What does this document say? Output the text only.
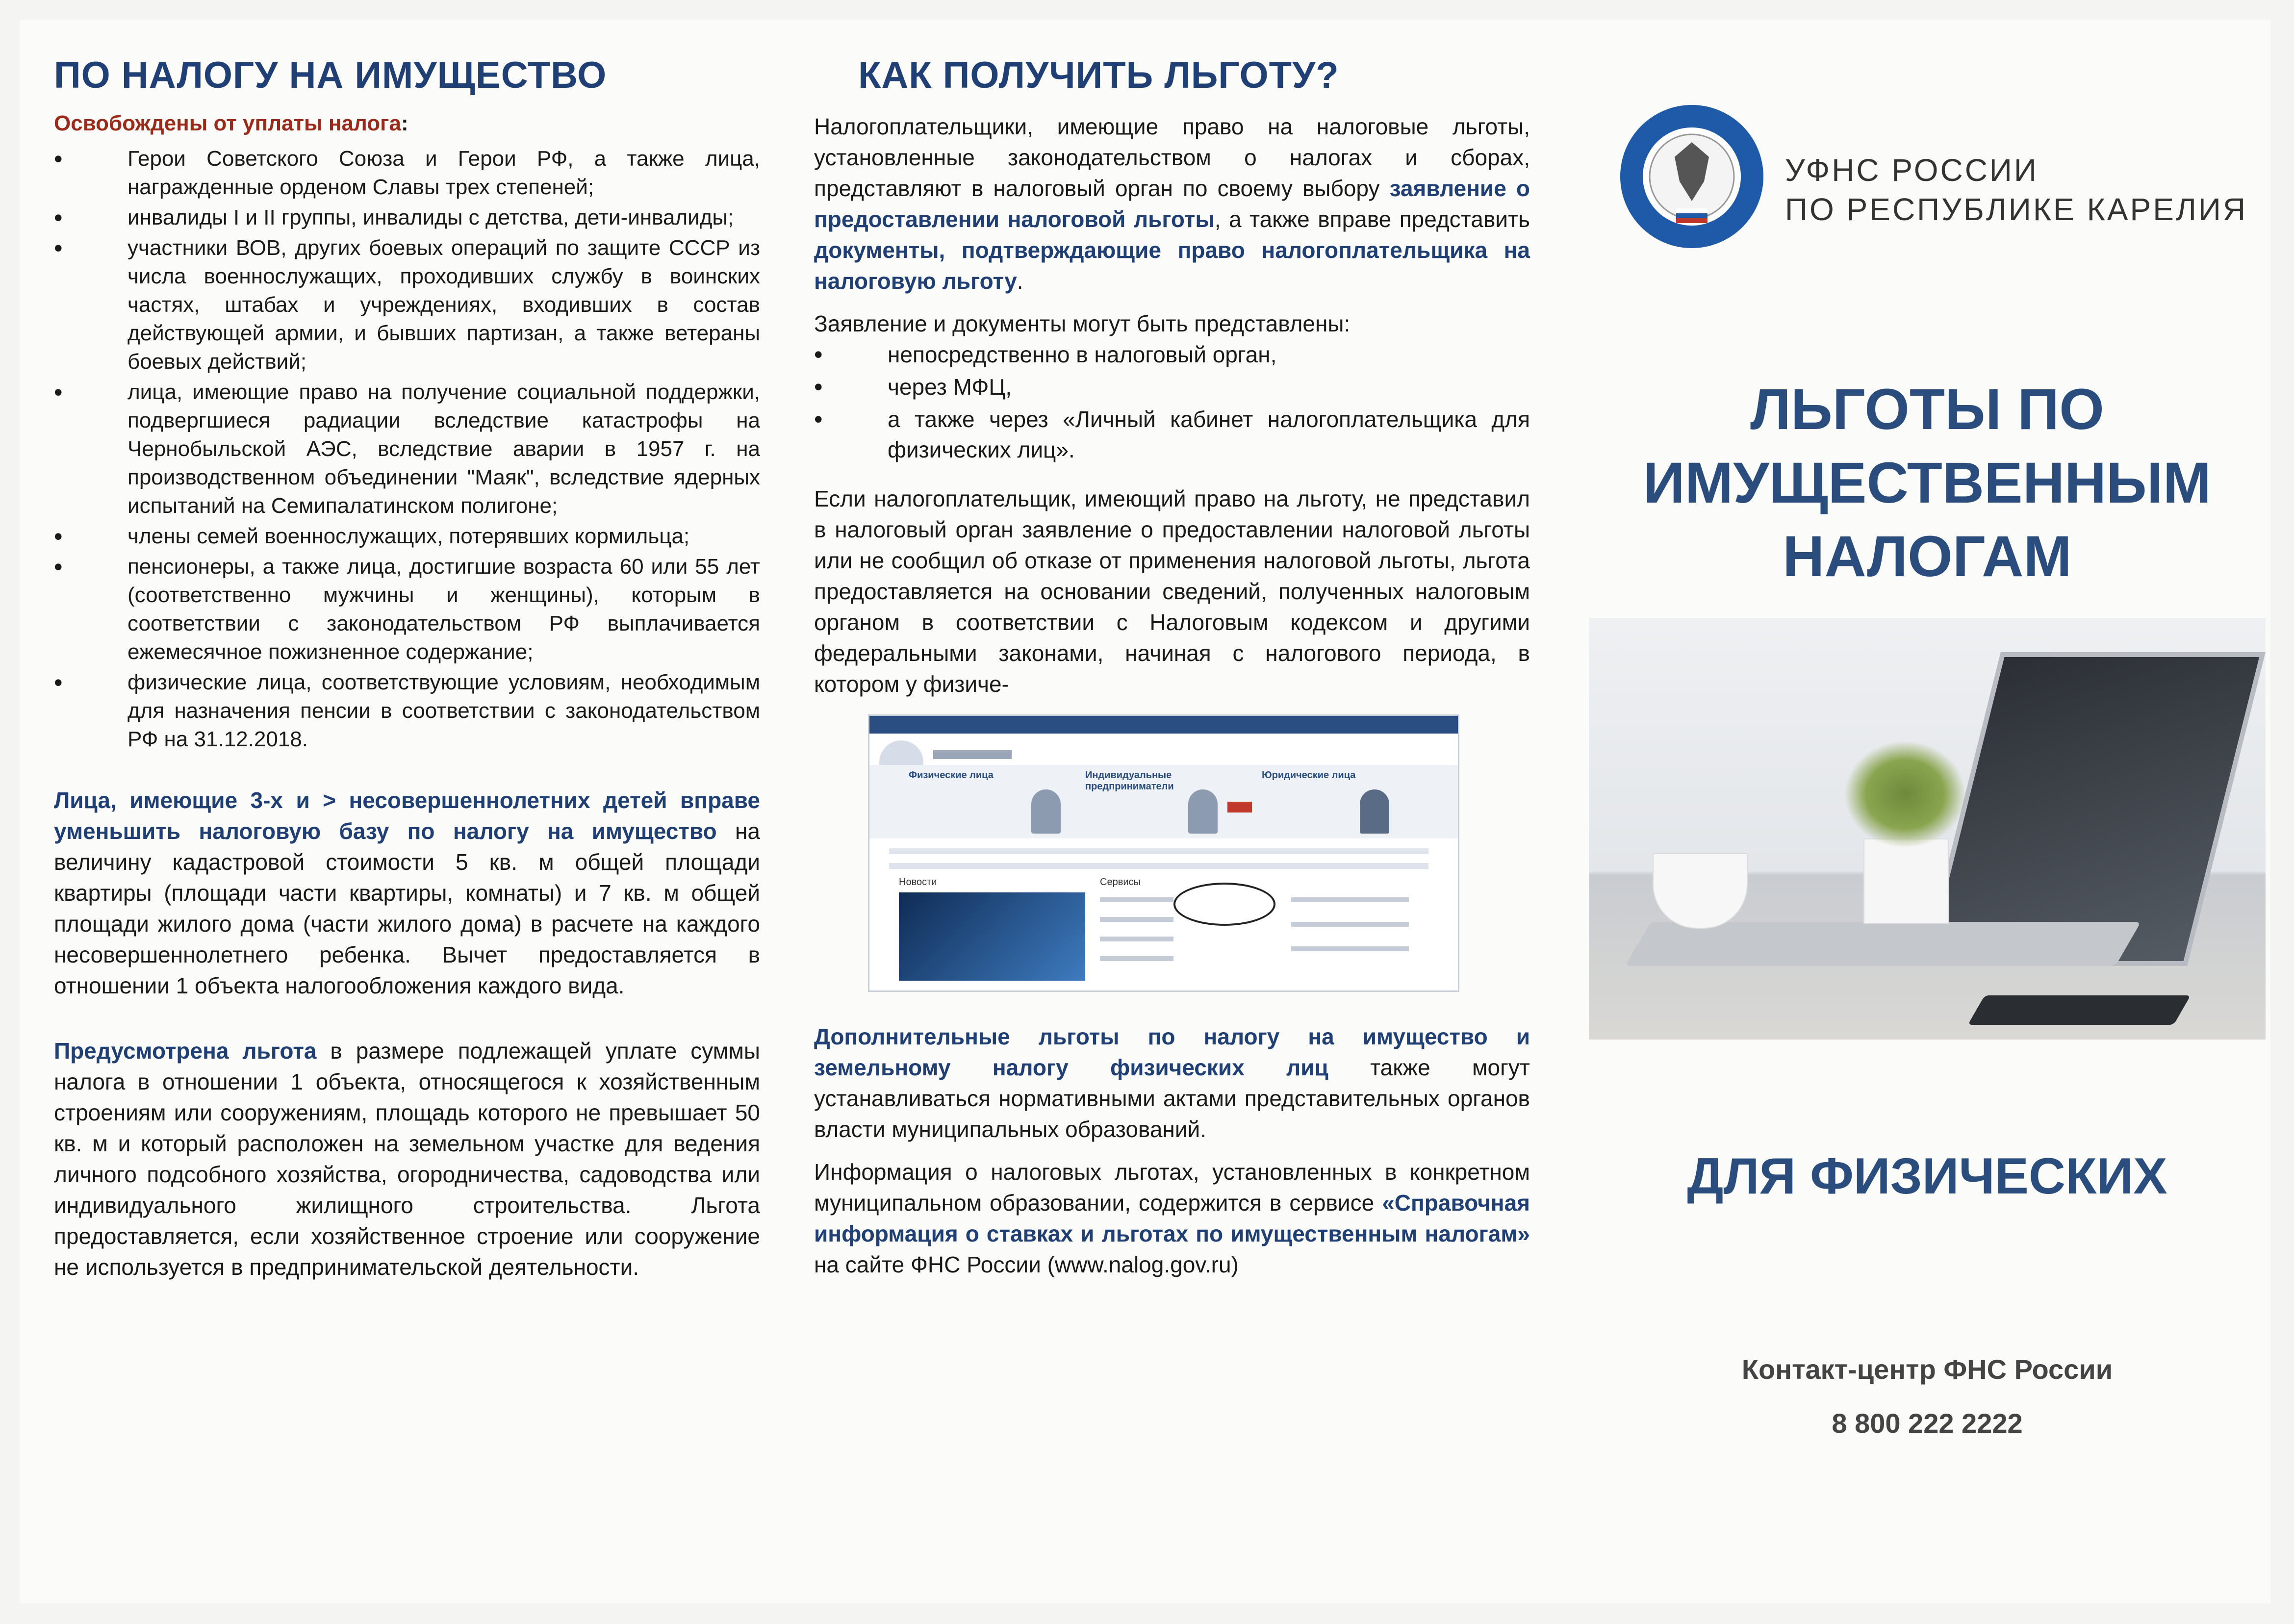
ПО НАЛОГУ НА ИМУЩЕСТВО

Освобождены от уплаты налога:

• Герои Советского Союза и Герои РФ, а также лица, награжденные орденом Славы трех степеней;
• инвалиды I и II группы, инвалиды с детства, дети-инвалиды;
• участники ВОВ, других боевых операций по защите СССР из числа военнослужащих, проходивших службу в воинских частях, штабах и учреждениях, входивших в состав действующей армии, и бывших партизан, а также ветераны боевых действий;
• лица, имеющие право на получение социальной поддержки, подвергшиеся радиации вследствие катастрофы на Чернобыльской АЭС, вследствие аварии в 1957 г. на производственном объединении "Маяк", вследствие ядерных испытаний на Семипалатинском полигоне;
• члены семей военнослужащих, потерявших кормильца;
• пенсионеры, а также лица, достигшие возраста 60 или 55 лет (соответственно мужчины и женщины), которым в соответствии с законодательством РФ выплачивается ежемесячное пожизненное содержание;
• физические лица, соответствующие условиям, необходимым для назначения пенсии в соответствии с законодательством РФ на 31.12.2018.

Лица, имеющие 3-х и > несовершеннолетних детей вправе уменьшить налоговую базу по налогу на имущество на величину кадастровой стоимости 5 кв. м общей площади квартиры (площади части квартиры, комнаты) и 7 кв. м общей площади жилого дома (части жилого дома) в расчете на каждого несовершеннолетнего ребенка. Вычет предоставляется в отношении 1 объекта налогообложения каждого вида.

Предусмотрена льгота в размере подлежащей уплате суммы налога в отношении 1 объекта, относящегося к хозяйственным строениям или сооружениям, площадь которого не превышает 50 кв. м и который расположен на земельном участке для ведения личного подсобного хозяйства, огородничества, садоводства или индивидуального жилищного строительства. Льгота предоставляется, если хозяйственное строение или сооружение не используется в предпринимательской деятельности.

КАК ПОЛУЧИТЬ ЛЬГОТУ?

Налогоплательщики, имеющие право на налоговые льготы, установленные законодательством о налогах и сборах, представляют в налоговый орган по своему выбору заявление о предоставлении налоговой льготы, а также вправе представить документы, подтверждающие право налогоплательщика на налоговую льготу.

Заявление и документы могут быть представлены:

• непосредственно в налоговый орган,
• через МФЦ,
• а также через «Личный кабинет налогоплательщика для физических лиц».

Если налогоплательщик, имеющий право на льготу, не представил в налоговый орган заявление о предоставлении налоговой льготы или не сообщил об отказе от применения налоговой льготы, льгота предоставляется на основании сведений, полученных налоговым органом в соответствии с Налоговым кодексом и другими федеральными законами, начиная с налогового периода, в котором у физиче-

Физические лица	Индивидуальные предприниматели
Юридические лица
Новости	Сервисы

Дополнительные льготы по налогу на имущество и земельному налогу физических лиц также могут устанавливаться нормативными актами представительных органов власти муниципальных образований.

Информация о налоговых льготах, установленных в конкретном муниципальном образовании, содержится в сервисе «Справочная информация о ставках и льготах по имущественным налогам» на сайте ФНС России (www.nalog.gov.ru)

УФНС РОССИИ
ПО РЕСПУБЛИКЕ КАРЕЛИЯ
ЛЬГОТЫ ПО
ИМУЩЕСТВЕННЫМ
НАЛОГАМ
ДЛЯ ФИЗИЧЕСКИХ
Контакт-центр ФНС России
8 800 222 2222
